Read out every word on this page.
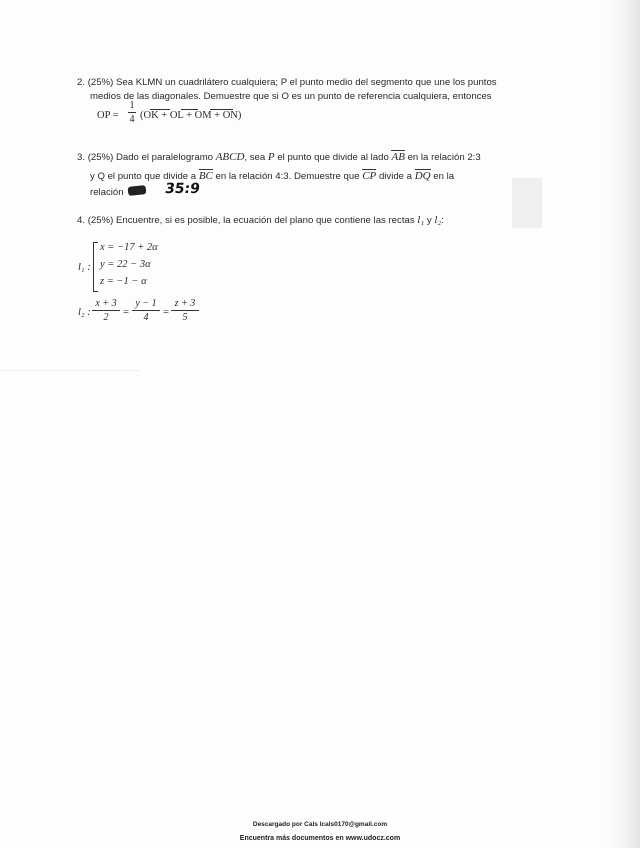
2. (25%) Sea KLMN un cuadrilátero cualquiera; P el punto medio del segmento que une los puntos
medios de las diagonales. Demuestre que si O es un punto de referencia cualquiera, entonces
OP =
1
4 (OK + OL + OM + ON)
3. (25%) Dado el paralelogramo ABCD, sea P el punto que divide al lado AB en la relación 2:3
y Q el punto que divide a BC en la relación 4:3. Demuestre que CP divide a DQ en la
relación	35:9
4. (25%) Encuentre, si es posible, la ecuación del plano que contiene las rectas l₁ y l₂:
l₁ :
x = −17 + 2α
y = 22 − 3α
z = −1 − α
l₂ :
x + 3
2	=
y − 1
4	=
z + 3
5
Descargado por Cals Icals0170@gmail.com
Encuentra más documentos en www.udocz.com
